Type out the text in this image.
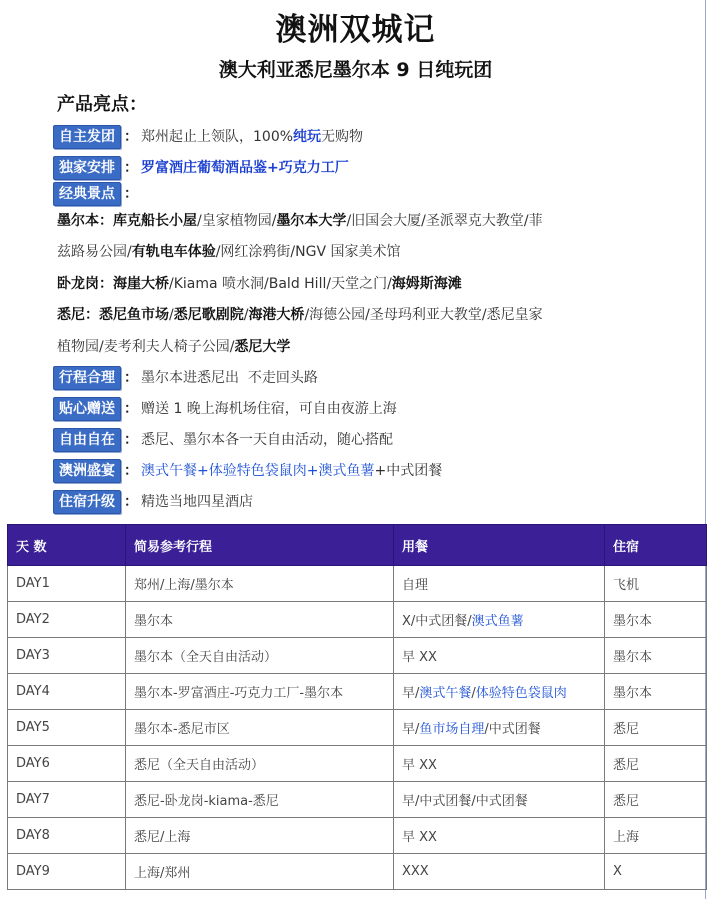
澳洲双城记
澳大利亚悉尼墨尔本 9 日纯玩团
产品亮点：
自主发团 ： 郑州起止上领队，100%纯玩无购物
独家安排 ： 罗富酒庄葡萄酒品鉴+巧克力工厂
经典景点 ：
墨尔本：库克船长小屋/皇家植物园/墨尔本大学/旧国会大厦/圣派翠克大教堂/菲
兹路易公园/有轨电车体验/网红涂鸦街/NGV 国家美术馆
卧龙岗：海崖大桥/Kiama 喷水洞/Bald Hill/天堂之门/海姆斯海滩
悉尼：悉尼鱼市场/悉尼歌剧院/海港大桥/海德公园/圣母玛利亚大教堂/悉尼皇家
植物园/麦考利夫人椅子公园/悉尼大学
行程合理 ： 墨尔本进悉尼出  不走回头路
贴心赠送 ： 赠送 1 晚上海机场住宿，可自由夜游上海
自由自在 ： 悉尼、墨尔本各一天自由活动，随心搭配
澳洲盛宴 ： 澳式午餐+体验特色袋鼠肉+澳式鱼薯+中式团餐
住宿升级 ： 精选当地四星酒店
天 数	简易参考行程	用餐	住宿
DAY1	郑州/上海/墨尔本	自理	飞机
DAY2	墨尔本	X/中式团餐/澳式鱼薯	墨尔本
DAY3	墨尔本（全天自由活动）	早 XX	墨尔本
DAY4	墨尔本-罗富酒庄-巧克力工厂-墨尔本	早/澳式午餐/体验特色袋鼠肉	墨尔本
DAY5	墨尔本-悉尼市区	早/鱼市场自理/中式团餐	悉尼
DAY6	悉尼（全天自由活动）	早 XX	悉尼
DAY7	悉尼-卧龙岗-kiama-悉尼	早/中式团餐/中式团餐	悉尼
DAY8	悉尼/上海	早 XX	上海
DAY9	上海/郑州	XXX	X
